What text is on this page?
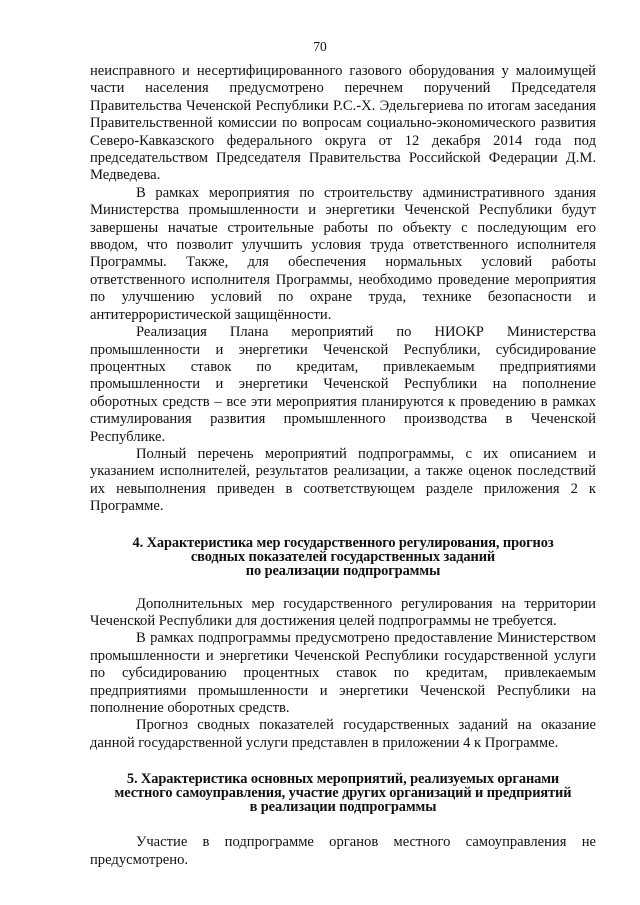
70

неисправного и несертифицированного газового оборудования у малоимущей части населения предусмотрено перечнем поручений Председателя Правительства Чеченской Республики Р.С.-Х. Эдельгериева по итогам заседания Правительственной комиссии по вопросам социально-экономического развития Северо-Кавказского федерального округа от 12 декабря 2014 года под председательством Председателя Правительства Российской Федерации Д.М. Медведева.

В рамках мероприятия по строительству административного здания Министерства промышленности и энергетики Чеченской Республики будут завершены начатые строительные работы по объекту с последующим его вводом, что позволит улучшить условия труда ответственного исполнителя Программы. Также, для обеспечения нормальных условий работы ответственного исполнителя Программы, необходимо проведение мероприятия по улучшению условий по охране труда, технике безопасности и антитеррористической защищённости.

Реализация Плана мероприятий по НИОКР Министерства промышленности и энергетики Чеченской Республики, субсидирование процентных ставок по кредитам, привлекаемым предприятиями промышленности и энергетики Чеченской Республики на пополнение оборотных средств – все эти мероприятия планируются к проведению в рамках стимулирования развития промышленного производства в Чеченской Республике.

Полный перечень мероприятий подпрограммы, с их описанием и указанием исполнителей, результатов реализации, а также оценок последствий их невыполнения приведен в соответствующем разделе приложения 2 к Программе.

4. Характеристика мер государственного регулирования, прогноз
сводных показателей государственных заданий
по реализации подпрограммы

Дополнительных мер государственного регулирования на территории Чеченской Республики для достижения целей подпрограммы не требуется.

В рамках подпрограммы предусмотрено предоставление Министерством промышленности и энергетики Чеченской Республики государственной услуги по субсидированию процентных ставок по кредитам, привлекаемым предприятиями промышленности и энергетики Чеченской Республики на пополнение оборотных средств.

Прогноз сводных показателей государственных заданий на оказание данной государственной услуги представлен в приложении 4 к Программе.

5. Характеристика основных мероприятий, реализуемых органами
местного самоуправления, участие других организаций и предприятий
в реализации подпрограммы

Участие в подпрограмме органов местного самоуправления не предусмотрено.
